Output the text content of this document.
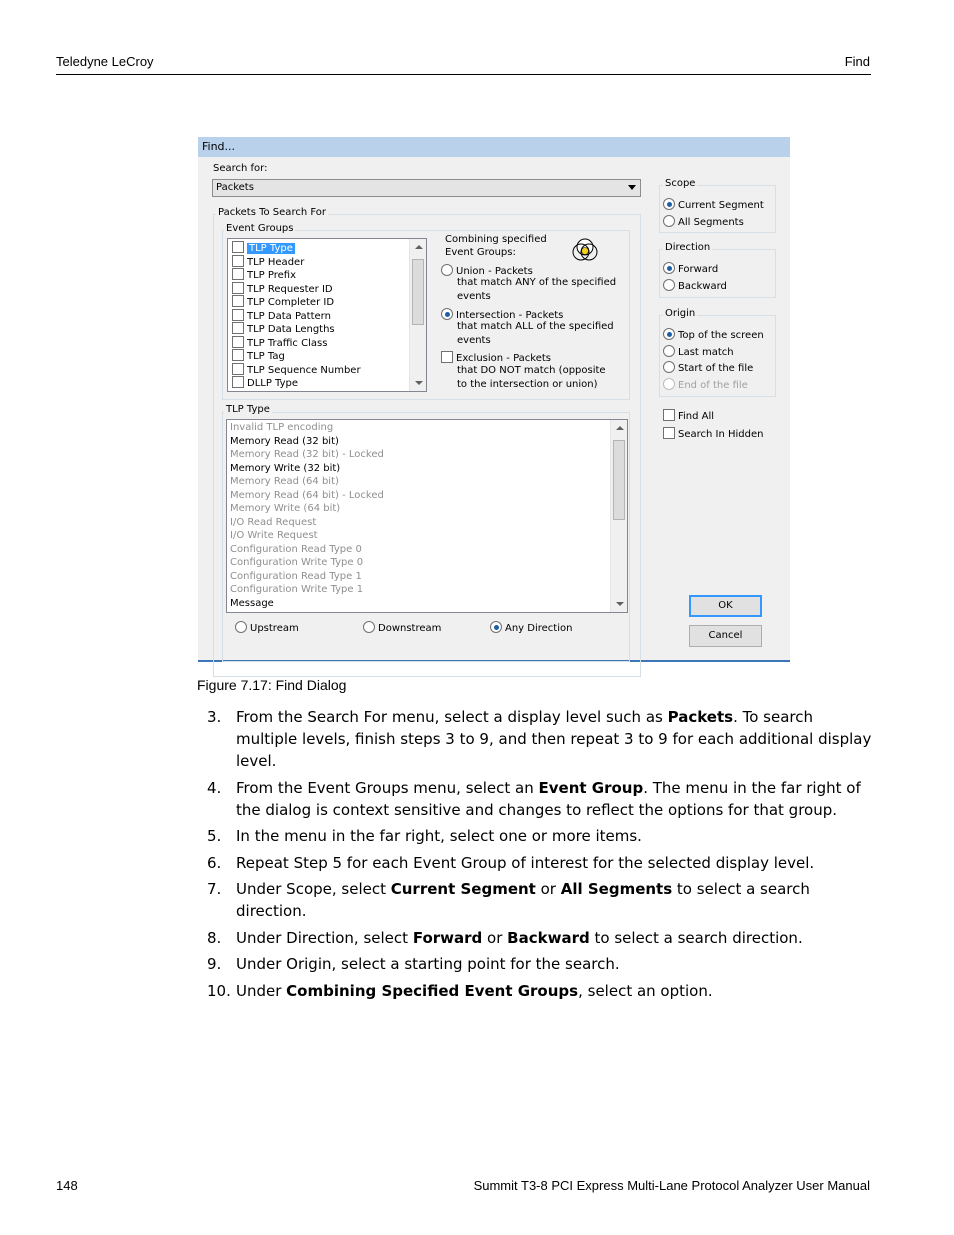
Teledyne LeCroy	Find
Find...
Search for:
Packets
Packets To Search For
Event Groups
TLP Type
TLP Header
TLP Prefix
TLP Requester ID
TLP Completer ID
TLP Data Pattern
TLP Data Lengths
TLP Traffic Class
TLP Tag
TLP Sequence Number
DLLP Type
Combining specified
Event Groups:
Union - Packets
that match ANY of the specified
events
Intersection - Packets
that match ALL of the specified
events
Exclusion - Packets
that DO NOT match (opposite
to the intersection or union)
TLP Type
Invalid TLP encoding
Memory Read (32 bit)
Memory Read (32 bit) - Locked
Memory Write (32 bit)
Memory Read (64 bit)
Memory Read (64 bit) - Locked
Memory Write (64 bit)
I/O Read Request
I/O Write Request
Configuration Read Type 0
Configuration Write Type 0
Configuration Read Type 1
Configuration Write Type 1
Message
Upstream	Downstream	Any Direction
Scope
Current Segment
All Segments
Direction
Forward
Backward
Origin
Top of the screen
Last match
Start of the file
End of the file
Find All
Search In Hidden
OK
Cancel
Figure 7.17: Find Dialog
3. From the Search For menu, select a display level such as Packets. To search multiple levels, finish steps 3 to 9, and then repeat 3 to 9 for each additional display level.
4. From the Event Groups menu, select an Event Group. The menu in the far right of the dialog is context sensitive and changes to reflect the options for that group.
5. In the menu in the far right, select one or more items.
6. Repeat Step 5 for each Event Group of interest for the selected display level.
7. Under Scope, select Current Segment or All Segments to select a search direction.
8. Under Direction, select Forward or Backward to select a search direction.
9. Under Origin, select a starting point for the search.
10. Under Combining Specified Event Groups, select an option.
148	Summit T3-8 PCI Express Multi-Lane Protocol Analyzer User Manual
